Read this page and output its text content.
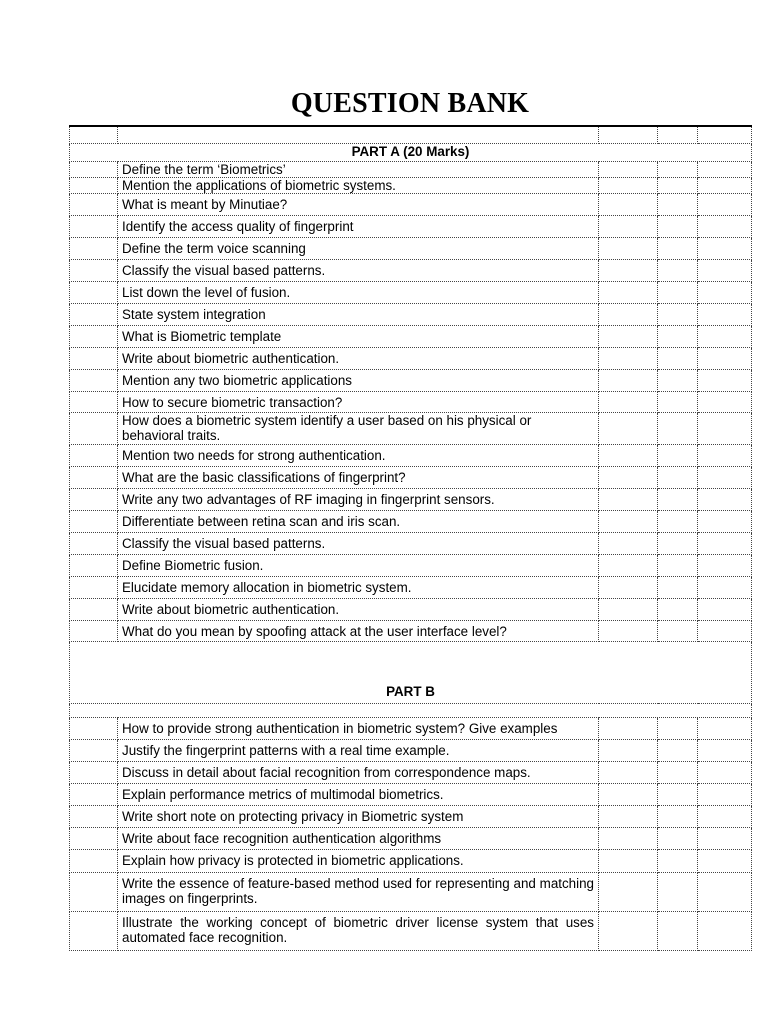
QUESTION BANK

PART A (20 Marks)				
	Define the term ‘Biometrics’			
	Mention the applications of biometric systems.			
	What is meant by Minutiae?			
	Identify the access quality of fingerprint			
	Define the term voice scanning			
	Classify the visual based patterns.			
	List down the level of fusion.			
	State system integration			
	What is Biometric template			
	Write about biometric authentication.			
	Mention any two biometric applications			
	How to secure biometric transaction?			
	How does a biometric system identify a user based on his physical or behavioral traits.			
	Mention two needs for strong authentication.			
	What are the basic classifications of fingerprint?			
	Write any two advantages of RF imaging in fingerprint sensors.			
	Differentiate between retina scan and iris scan.			
	Classify the visual based patterns.			
	Define Biometric fusion.			
	Elucidate memory allocation in biometric system.			
	Write about biometric authentication.			
	What do you mean by spoofing attack at the user interface level?			
PART B				

	How to provide strong authentication in biometric system? Give examples			
	Justify the fingerprint patterns with a real time example.			
	Discuss in detail about facial recognition from correspondence maps.			
	Explain performance metrics of multimodal biometrics.			
	Write short note on protecting privacy in Biometric system			
	Write about face recognition authentication algorithms			
	Explain how privacy is protected in biometric applications.			
	Write the essence of feature-based method used for representing and matching images on fingerprints.			
	Illustrate the working concept of biometric driver license system that uses automated face recognition.			
